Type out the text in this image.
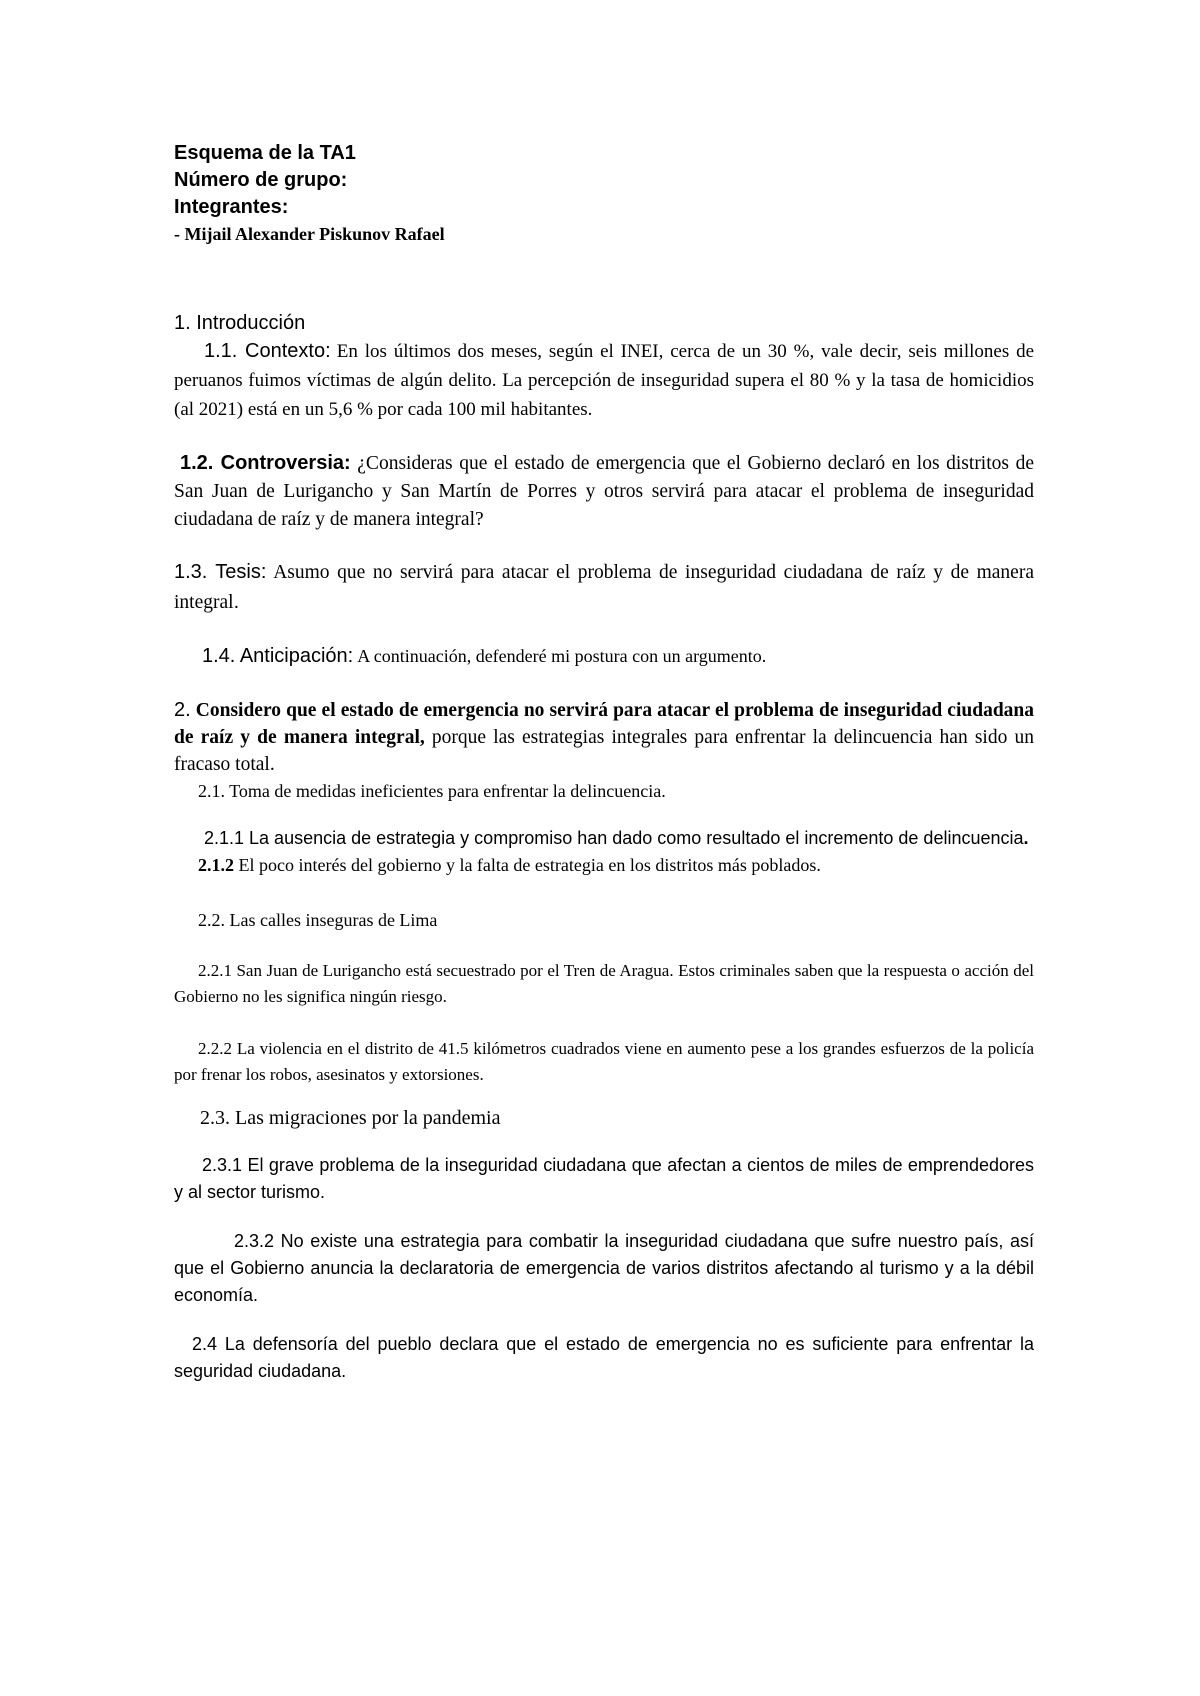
Esquema de la TA1

Número de grupo:

Integrantes:

- Mijail Alexander Piskunov Rafael

1. Introducción

1.1. Contexto: En los últimos dos meses, según el INEI, cerca de un 30 %, vale decir, seis millones de peruanos fuimos víctimas de algún delito. La percepción de inseguridad supera el 80 % y la tasa de homicidios (al 2021) está en un 5,6 % por cada 100 mil habitantes.

1.2. Controversia: ¿Consideras que el estado de emergencia que el Gobierno declaró en los distritos de San Juan de Lurigancho y San Martín de Porres y otros servirá para atacar el problema de inseguridad ciudadana de raíz y de manera integral?

1.3. Tesis: Asumo que no servirá para atacar el problema de inseguridad ciudadana de raíz y de manera integral.

1.4. Anticipación: A continuación, defenderé mi postura con un argumento.

2. Considero que el estado de emergencia no servirá para atacar el problema de inseguridad ciudadana de raíz y de manera integral, porque las estrategias integrales para enfrentar la delincuencia han sido un fracaso total.

2.1. Toma de medidas ineficientes para enfrentar la delincuencia.

2.1.1 La ausencia de estrategia y compromiso han dado como resultado el incremento de delincuencia.

2.1.2 El poco interés del gobierno y la falta de estrategia en los distritos más poblados.

2.2. Las calles inseguras de Lima

2.2.1 San Juan de Lurigancho está secuestrado por el Tren de Aragua. Estos criminales saben que la respuesta o acción del Gobierno no les significa ningún riesgo.

2.2.2 La violencia en el distrito de 41.5 kilómetros cuadrados viene en aumento pese a los grandes esfuerzos de la policía por frenar los robos, asesinatos y extorsiones.

2.3. Las migraciones por la pandemia

2.3.1 El grave problema de la inseguridad ciudadana que afectan a cientos de miles de emprendedores y al sector turismo.

2.3.2 No existe una estrategia para combatir la inseguridad ciudadana que sufre nuestro país, así que el Gobierno anuncia la declaratoria de emergencia de varios distritos afectando al turismo y a la débil economía.

2.4 La defensoría del pueblo declara que el estado de emergencia no es suficiente para enfrentar la seguridad ciudadana.
